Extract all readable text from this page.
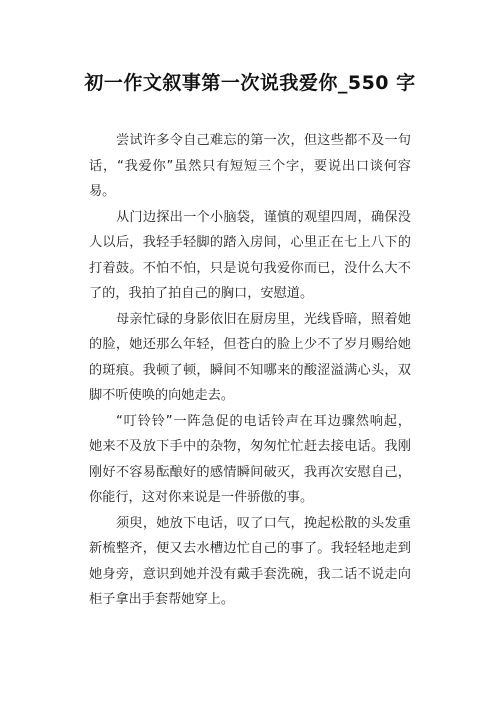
初一作文叙事第一次说我爱你_550 字
尝试许多令自己难忘的第一次，但这些都不及一句
话，“我爱你”虽然只有短短三个字，要说出口谈何容
易。
从门边探出一个小脑袋，谨慎的观望四周，确保没
人以后，我轻手轻脚的踏入房间，心里正在七上八下的
打着鼓。不怕不怕，只是说句我爱你而已，没什么大不
了的，我拍了拍自己的胸口，安慰道。
母亲忙碌的身影依旧在厨房里，光线昏暗，照着她
的脸，她还那么年轻，但苍白的脸上少不了岁月赐给她
的斑痕。我顿了顿，瞬间不知哪来的酸涩溢满心头，双
脚不听使唤的向她走去。
“叮铃铃”一阵急促的电话铃声在耳边骤然响起，
她来不及放下手中的杂物，匆匆忙忙赶去接电话。我刚
刚好不容易酝酿好的感情瞬间破灭，我再次安慰自己，
你能行，这对你来说是一件骄傲的事。
须臾，她放下电话，叹了口气，挽起松散的头发重
新梳整齐，便又去水槽边忙自己的事了。我轻轻地走到
她身旁，意识到她并没有戴手套洗碗，我二话不说走向
柜子拿出手套帮她穿上。
